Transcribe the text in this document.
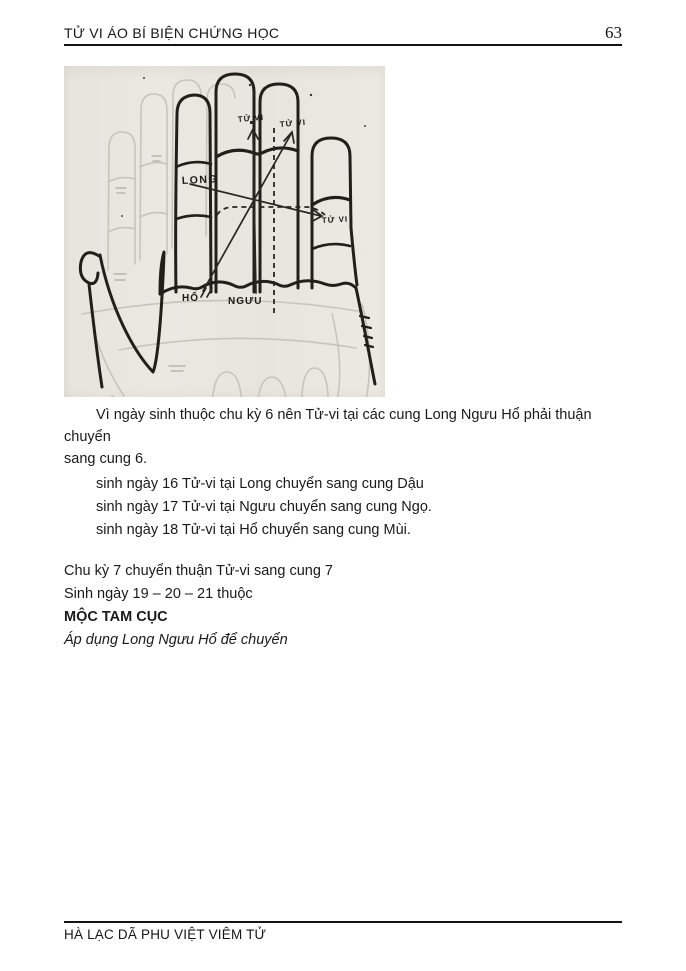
TỬ VI ÁO BÍ BIỆN CHỨNG HỌC	63
LONG
TỬ VI TỬ VI
TỬ VI
HỔ	NGƯU

Vì ngày sinh thuộc chu kỳ 6 nên Tử-vi tại các cung Long Ngưu Hổ phải thuận chuyển
sang cung 6.

sinh ngày 16 Tử-vi tại Long chuyển sang cung Dậu
sinh ngày 17 Tử-vi tại Ngưu chuyển sang cung Ngọ.
sinh ngày 18 Tử-vi tại Hổ chuyển sang cung Mùi.
Chu kỳ 7 chuyển thuận Tử-vi sang cung 7
Sinh ngày 19 – 20 – 21 thuộc
MỘC TAM CỤC
Áp dụng Long Ngưu Hổ để chuyển
HÀ LẠC DÃ PHU VIỆT VIÊM TỬ
